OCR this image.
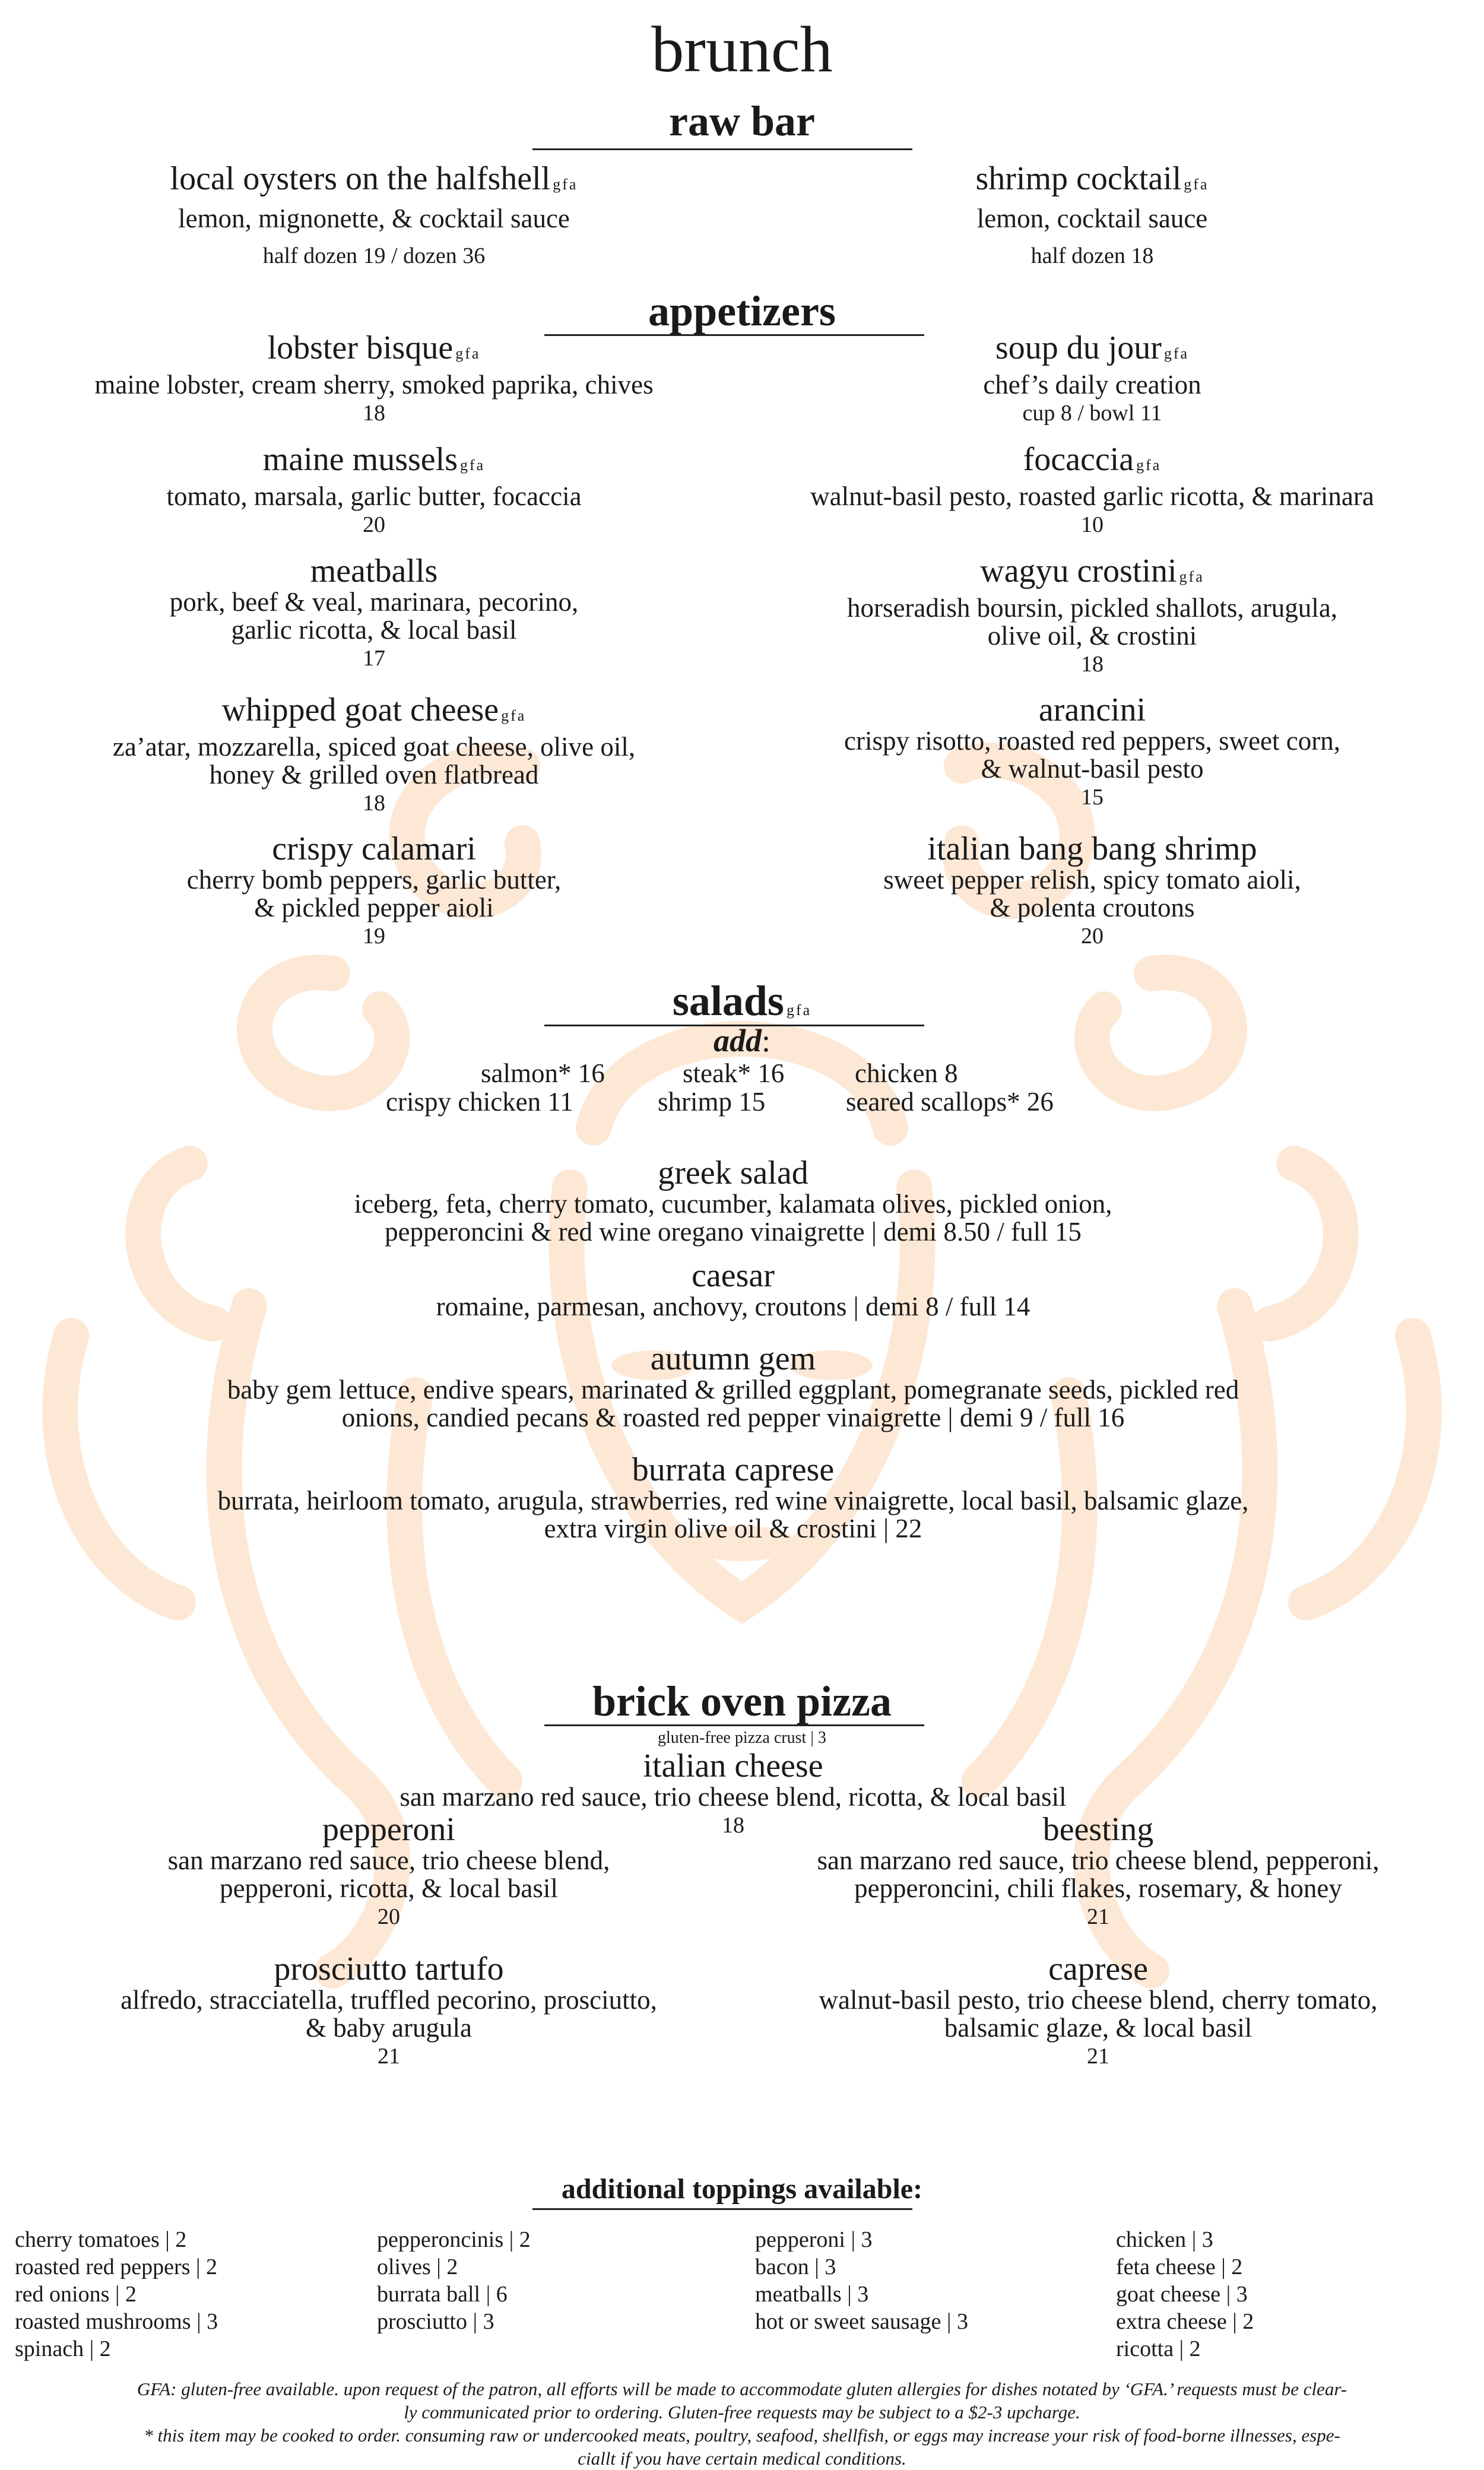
brunch
raw bar
local oysters on the halfshell gfa
lemon, mignonette, & cocktail sauce
half dozen 19 / dozen 36
shrimp cocktail gfa
lemon, cocktail sauce
half dozen 18
appetizers
lobster bisque gfa
maine lobster, cream sherry, smoked paprika, chives
18
soup du jour gfa
chef’s daily creation
cup 8 / bowl 11
maine mussels gfa
tomato, marsala, garlic butter, focaccia
20
focaccia gfa
walnut-basil pesto, roasted garlic ricotta, & marinara
10
meatballs
pork, beef & veal, marinara, pecorino,
garlic ricotta, & local basil
17
wagyu crostini gfa
horseradish boursin, pickled shallots, arugula,
olive oil, & crostini
18
whipped goat cheese gfa
za’atar, mozzarella, spiced goat cheese, olive oil,
honey & grilled oven flatbread
18
arancini
crispy risotto, roasted red peppers, sweet corn,
& walnut-basil pesto
15
crispy calamari
cherry bomb peppers, garlic butter,
& pickled pepper aioli
19
italian bang bang shrimp
sweet pepper relish, spicy tomato aioli,
& polenta croutons
20
salads gfa
add:
salmon* 16	steak* 16	chicken 8
crispy chicken 11	shrimp 15	seared scallops* 26
greek salad
iceberg, feta, cherry tomato, cucumber, kalamata olives, pickled onion,
pepperoncini & red wine oregano vinaigrette | demi 8.50 / full 15
caesar
romaine, parmesan, anchovy, croutons | demi 8 / full 14
autumn gem
baby gem lettuce, endive spears, marinated & grilled eggplant, pomegranate seeds, pickled red
onions, candied pecans & roasted red pepper vinaigrette | demi 9 / full 16
burrata caprese
burrata, heirloom tomato, arugula, strawberries, red wine vinaigrette, local basil, balsamic glaze,
extra virgin olive oil & crostini | 22
brick oven pizza
gluten-free pizza crust | 3
italian cheese
san marzano red sauce, trio cheese blend, ricotta, & local basil
18
pepperoni
san marzano red sauce, trio cheese blend,
pepperoni, ricotta, & local basil
20
beesting
san marzano red sauce, trio cheese blend, pepperoni,
pepperoncini, chili flakes, rosemary, & honey
21
prosciutto tartufo
alfredo, stracciatella, truffled pecorino, prosciutto,
& baby arugula
21
caprese
walnut-basil pesto, trio cheese blend, cherry tomato,
balsamic glaze, & local basil
21
additional toppings available:
cherry tomatoes | 2
roasted red peppers | 2
red onions | 2
roasted mushrooms | 3
spinach | 2
pepperoncinis | 2
olives | 2
burrata ball | 6
prosciutto | 3
pepperoni | 3
bacon | 3
meatballs | 3
hot or sweet sausage | 3
chicken | 3
feta cheese | 2
goat cheese | 3
extra cheese | 2
ricotta | 2
GFA: gluten-free available. upon request of the patron, all efforts will be made to accommodate gluten allergies for dishes notated by ‘GFA.’ requests must be clear-
ly communicated prior to ordering. Gluten-free requests may be subject to a $2-3 upcharge.
* this item may be cooked to order. consuming raw or undercooked meats, poultry, seafood, shellfish, or eggs may increase your risk of food-borne illnesses, espe-
ciallt if you have certain medical conditions.
